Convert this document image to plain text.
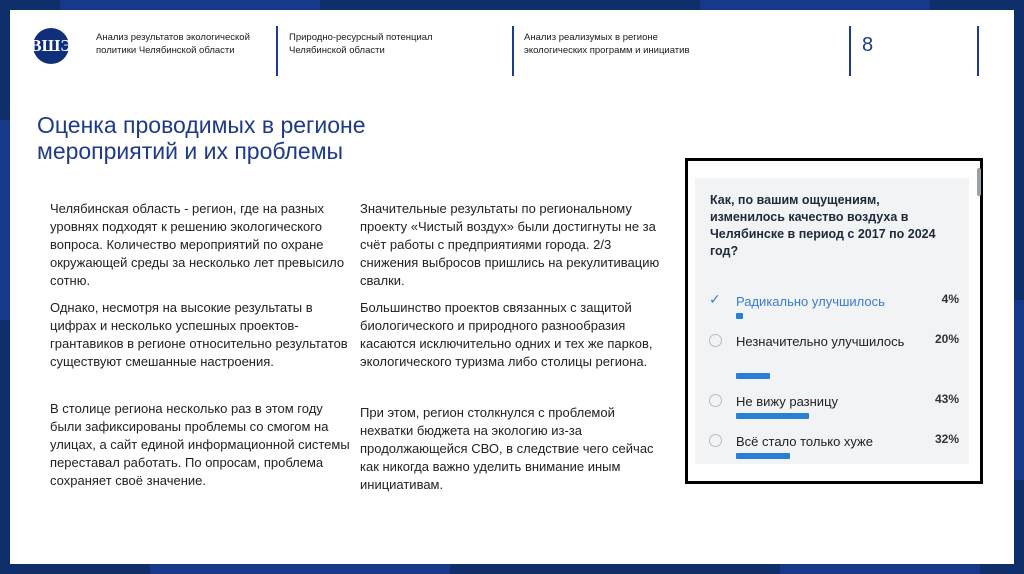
ВШЭ	Анализ результатов экологической политики Челябинской области
Природно-ресурсный потенциал Челябинской области
Анализ реализумых в регионе экологических программ и инициатив	8
Оценка проводимых в регионе мероприятий и их проблемы
Челябинская область - регион, где на разных уровнях подходят к решению экологического вопроса. Количество мероприятий по охране окружающей среды за несколько лет превысило сотню.
Однако, несмотря на высокие результаты в цифрах и несколько успешных проектов-грантавиков в регионе относительно результатов существуют смешанные настроения.
В столице региона несколько раз в этом году были зафиксированы проблемы со смогом на улицах, а сайт единой информационной системы переставал работать. По опросам, проблема сохраняет своё значение.
Значительные результаты по региональному проекту «Чистый воздух» были достигнуты не за счёт работы с предприятиями города. 2/3 снижения выбросов пришлись на рекулитивацию свалки.
Большинство проектов связанных с защитой биологического и природного разнообразия касаются исключительно одних и тех же парков, экологического туризма либо столицы региона.
При этом, регион столкнулся с проблемой нехватки бюджета на экологию из-за продолжающейся СВО, в следствие чего сейчас как никогда важно уделить внимание иным инициативам.
Как, по вашим ощущениям, изменилось качество воздуха в Челябинске в период с 2017 по 2024 год?
✓ Радикально улучшилось	4%
Незначительно улучшилось	20%
Не вижу разницу	43%
Всё стало только хуже	32%
